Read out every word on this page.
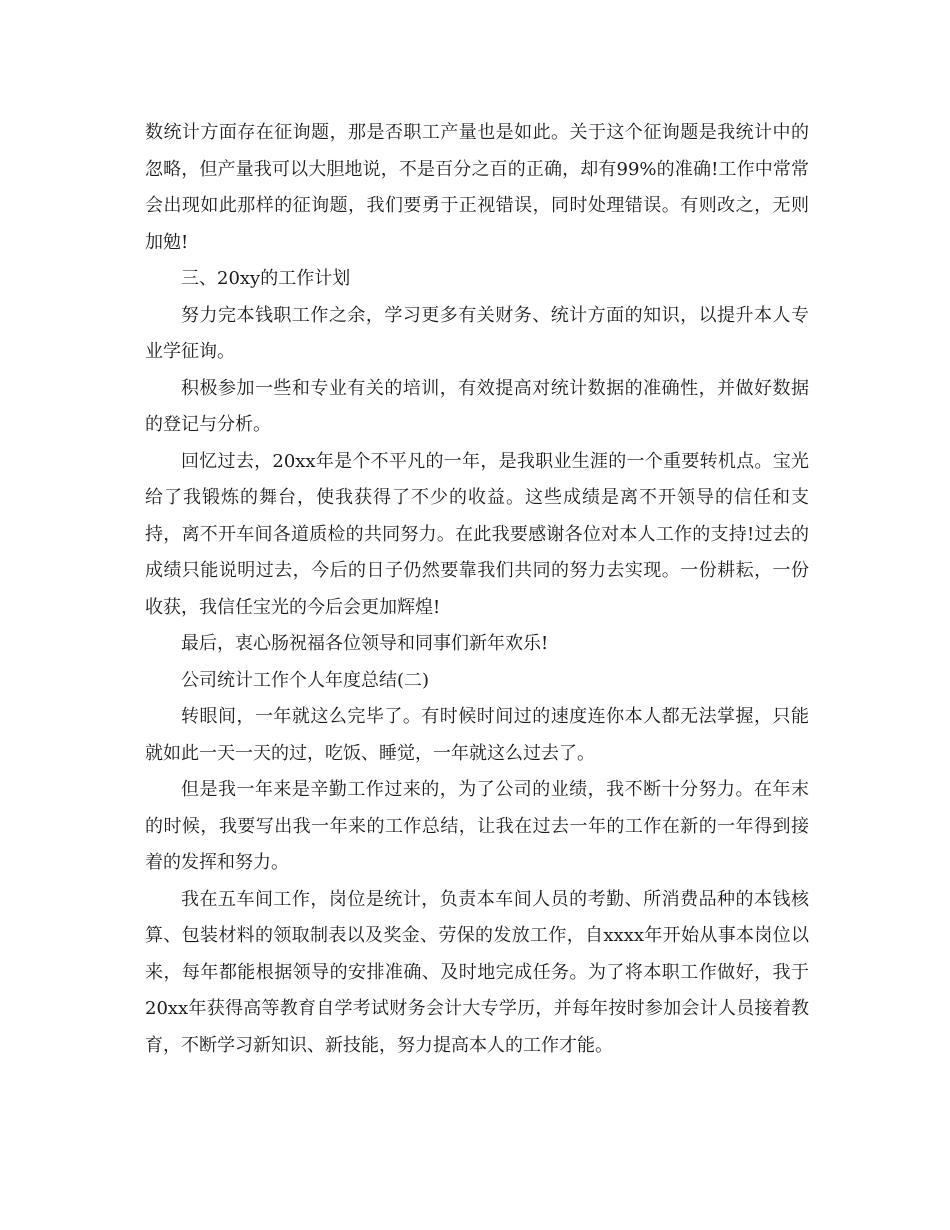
数统计方面存在征询题，那是否职工产量也是如此。关于这个征询题是我统计中的忽略，但产量我可以大胆地说，不是百分之百的正确，却有99%的准确!工作中常常会出现如此那样的征询题，我们要勇于正视错误，同时处理错误。有则改之，无则加勉!

三、20xy的工作计划

努力完本钱职工作之余，学习更多有关财务、统计方面的知识，以提升本人专业学征询。

积极参加一些和专业有关的培训，有效提高对统计数据的准确性，并做好数据的登记与分析。

回忆过去，20xx年是个不平凡的一年，是我职业生涯的一个重要转机点。宝光给了我锻炼的舞台，使我获得了不少的收益。这些成绩是离不开领导的信任和支持，离不开车间各道质检的共同努力。在此我要感谢各位对本人工作的支持!过去的成绩只能说明过去，今后的日子仍然要靠我们共同的努力去实现。一份耕耘，一份收获，我信任宝光的今后会更加辉煌!

最后，衷心肠祝福各位领导和同事们新年欢乐!

公司统计工作个人年度总结(二)

转眼间，一年就这么完毕了。有时候时间过的速度连你本人都无法掌握，只能就如此一天一天的过，吃饭、睡觉，一年就这么过去了。

但是我一年来是辛勤工作过来的，为了公司的业绩，我不断十分努力。在年末的时候，我要写出我一年来的工作总结，让我在过去一年的工作在新的一年得到接着的发挥和努力。

我在五车间工作，岗位是统计，负责本车间人员的考勤、所消费品种的本钱核算、包装材料的领取制表以及奖金、劳保的发放工作，自xxxx年开始从事本岗位以来，每年都能根据领导的安排准确、及时地完成任务。为了将本职工作做好，我于20xx年获得高等教育自学考试财务会计大专学历，并每年按时参加会计人员接着教育，不断学习新知识、新技能，努力提高本人的工作才能。
